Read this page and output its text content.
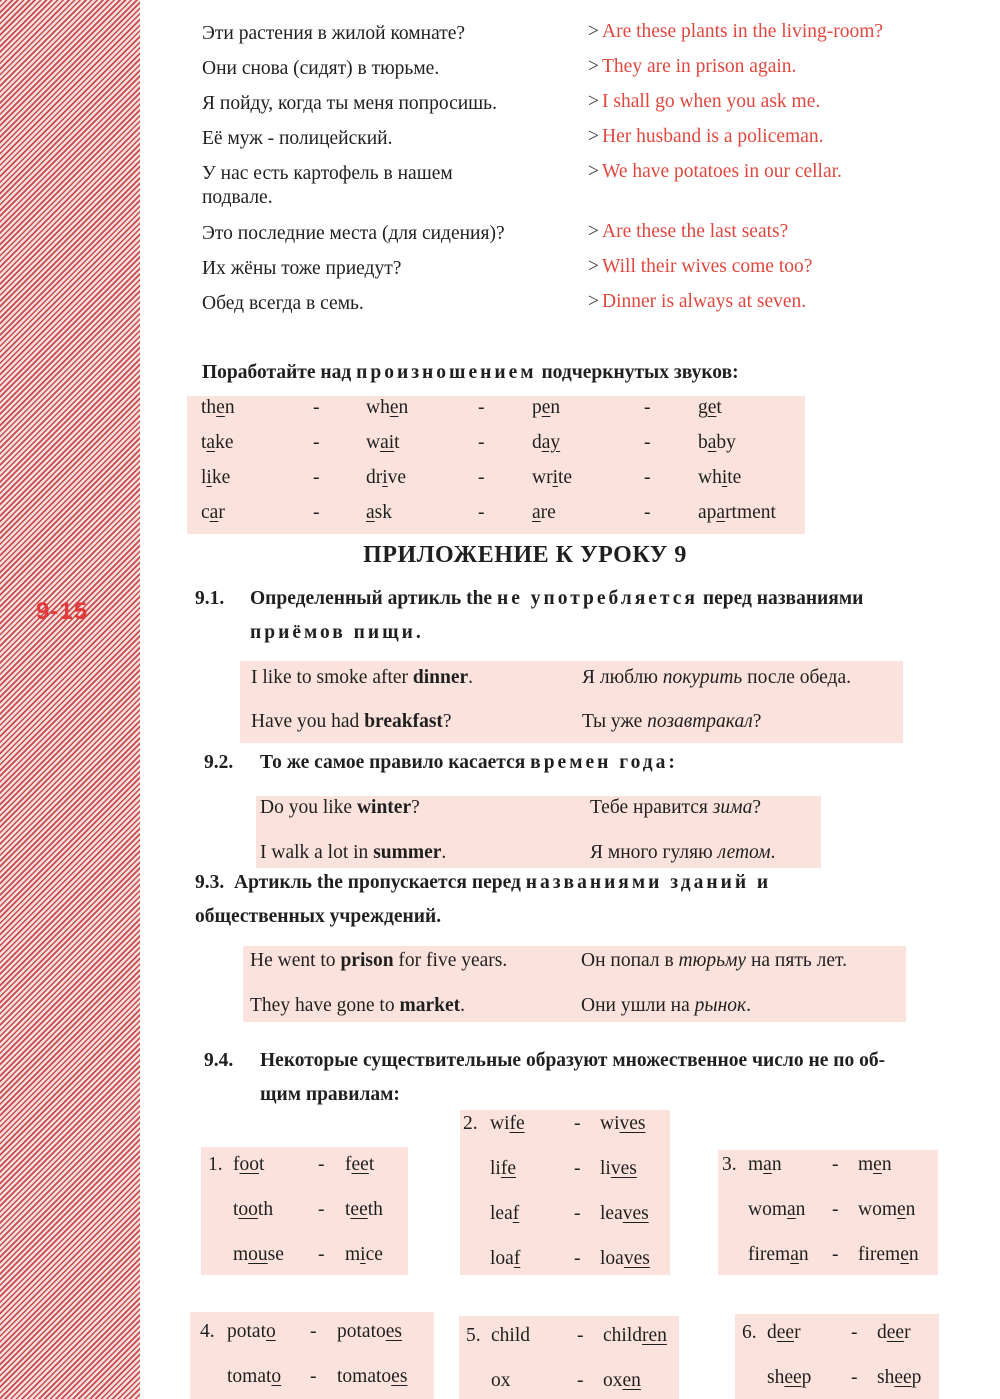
9-15
Эти растения в жилой комнате?	> Are these plants in the living-room?
Они снова (сидят) в тюрьме.	> They are in prison again.
Я пойду, когда ты меня попросишь.	> I shall go when you ask me.
Её муж - полицейский.	> Her husband is a policeman.
У нас есть картофель в нашем
подвале.
> We have potatoes in our cellar.
Это последние места (для сидения)?	> Are these the last seats?
Их жёны тоже приедут?	> Will their wives come too?
Обед всегда в семь.	> Dinner is always at seven.
Поработайте над произношением подчеркнутых звуков:
then	- when	- pen	- get
take	- wait	- day	- baby
like	- drive	- write	- white
car	- ask	- are	- apartment
ПРИЛОЖЕНИЕ К УРОКУ 9
9.1. Определенный артикль the не употребляется перед названиями
приёмов пищи.
I like to smoke after dinner.	Я люблю покурить после обеда.
Have you had breakfast?	Ты уже позавтракал?
9.2. То же самое правило касается времен года:
Do you like winter?	Тебе нравится зима?
I walk a lot in summer.	Я много гуляю летом.
9.3. Артикль the пропускается перед названиями зданий и
общественных учреждений.
He went to prison for five years.	Он попал в тюрьму на пять лет.
They have gone to market.	Они ушли на рынок.
9.4. Некоторые существительные образуют множественное число не по об-
щим правилам:
1. foot	- feet
tooth - teeth
mouse - mice
2. wife	- wives
life	- lives
leaf	- leaves
loaf	- loaves
3. man	- men
woman - women
fireman - firemen
4. potato - potatoes
tomato - tomatoes
5. child - children
ox	- oxen
6. deer	- deer
sheep - sheep
